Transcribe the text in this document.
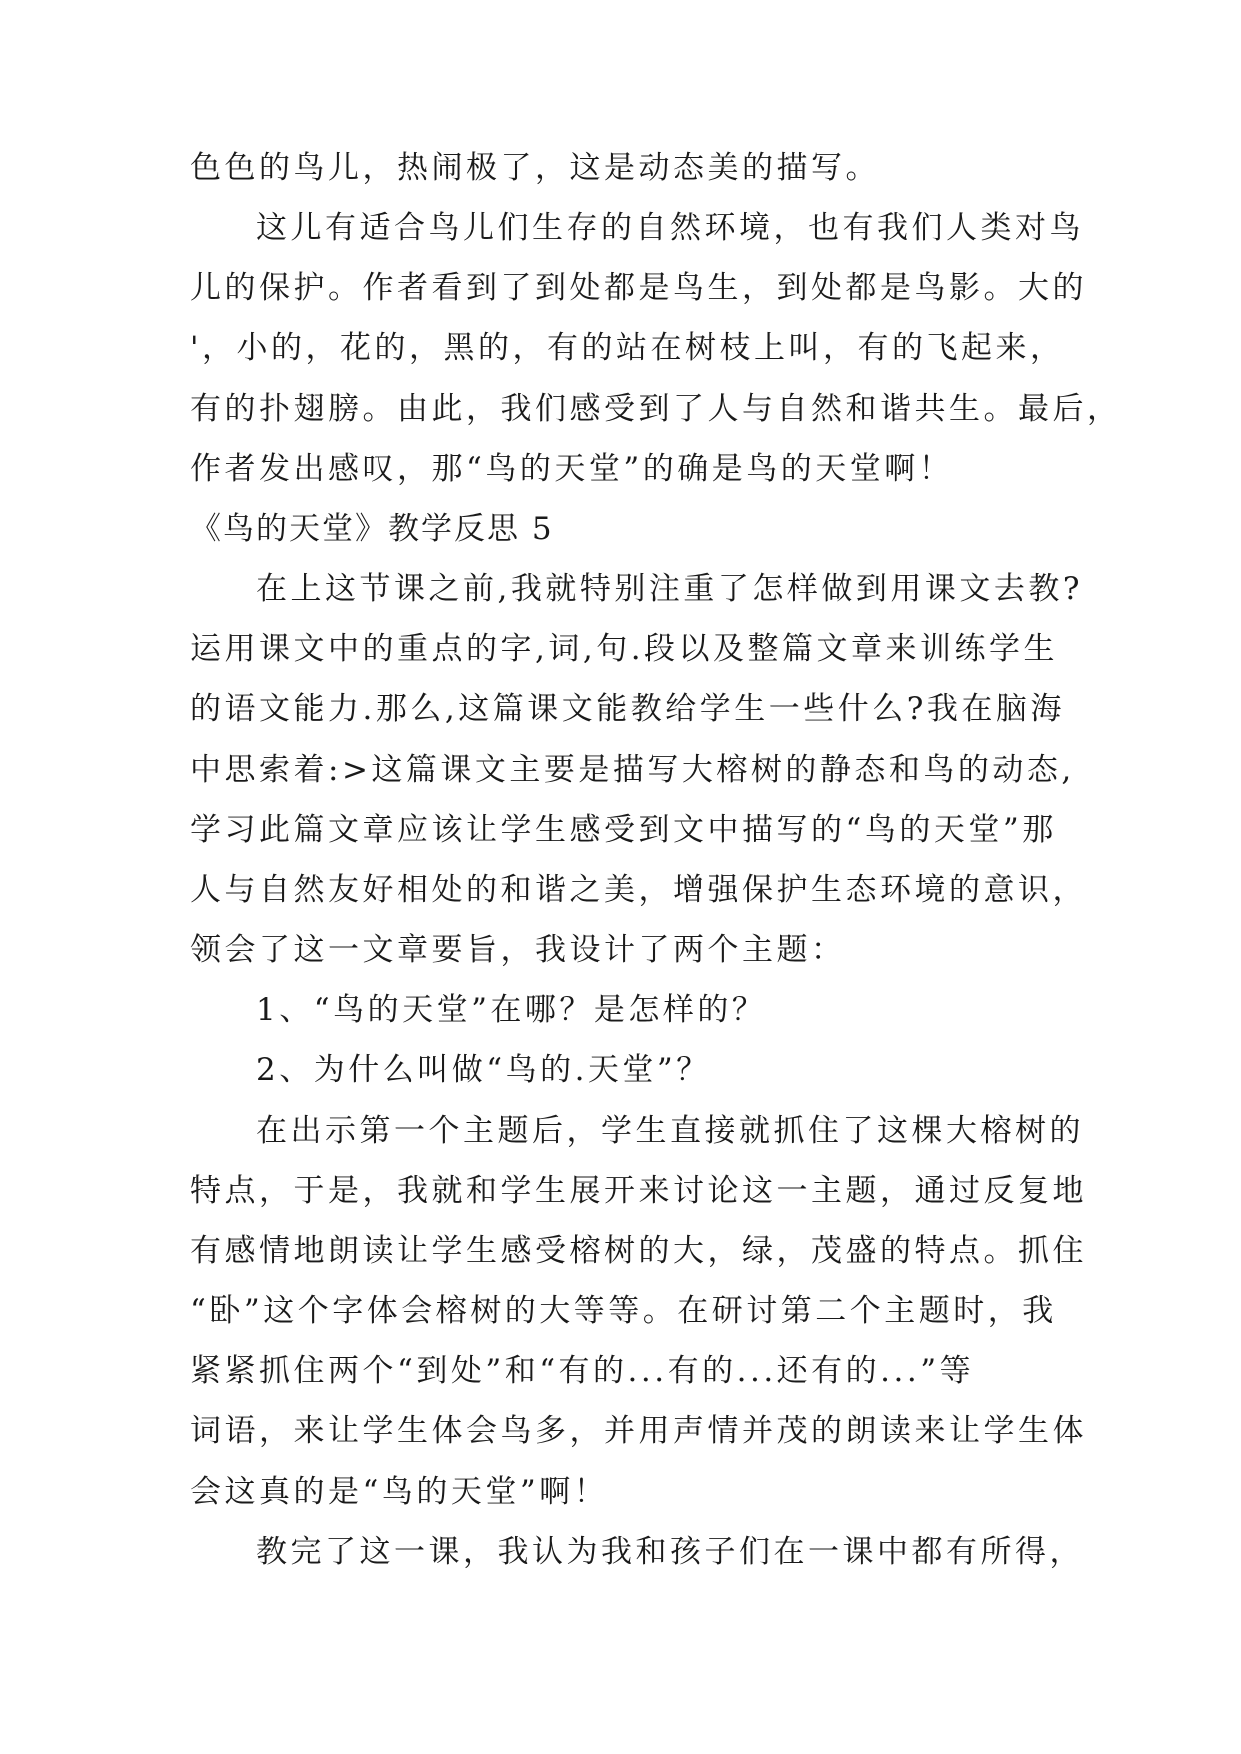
色色的鸟儿，热闹极了，这是动态美的描写。
这儿有适合鸟儿们生存的自然环境，也有我们人类对鸟
儿的保护。作者看到了到处都是鸟生，到处都是鸟影。大的
'，小的，花的，黑的，有的站在树枝上叫，有的飞起来，
有的扑翅膀。由此，我们感受到了人与自然和谐共生。最后，
作者发出感叹，那“鸟的天堂”的确是鸟的天堂啊！
《鸟的天堂》教学反思 5
在上这节课之前,我就特别注重了怎样做到用课文去教?
运用课文中的重点的字,词,句.段以及整篇文章来训练学生
的语文能力.那么,这篇课文能教给学生一些什么?我在脑海
中思索着:>这篇课文主要是描写大榕树的静态和鸟的动态,
学习此篇文章应该让学生感受到文中描写的“鸟的天堂”那
人与自然友好相处的和谐之美，增强保护生态环境的意识，
领会了这一文章要旨，我设计了两个主题：
1、“鸟的天堂”在哪？是怎样的？
2、为什么叫做“鸟的.天堂”？
在出示第一个主题后，学生直接就抓住了这棵大榕树的
特点，于是，我就和学生展开来讨论这一主题，通过反复地
有感情地朗读让学生感受榕树的大，绿，茂盛的特点。抓住
“卧”这个字体会榕树的大等等。在研讨第二个主题时，我
紧紧抓住两个“到处”和“有的...有的...还有的...”等
词语，来让学生体会鸟多，并用声情并茂的朗读来让学生体
会这真的是“鸟的天堂”啊！
教完了这一课，我认为我和孩子们在一课中都有所得，
